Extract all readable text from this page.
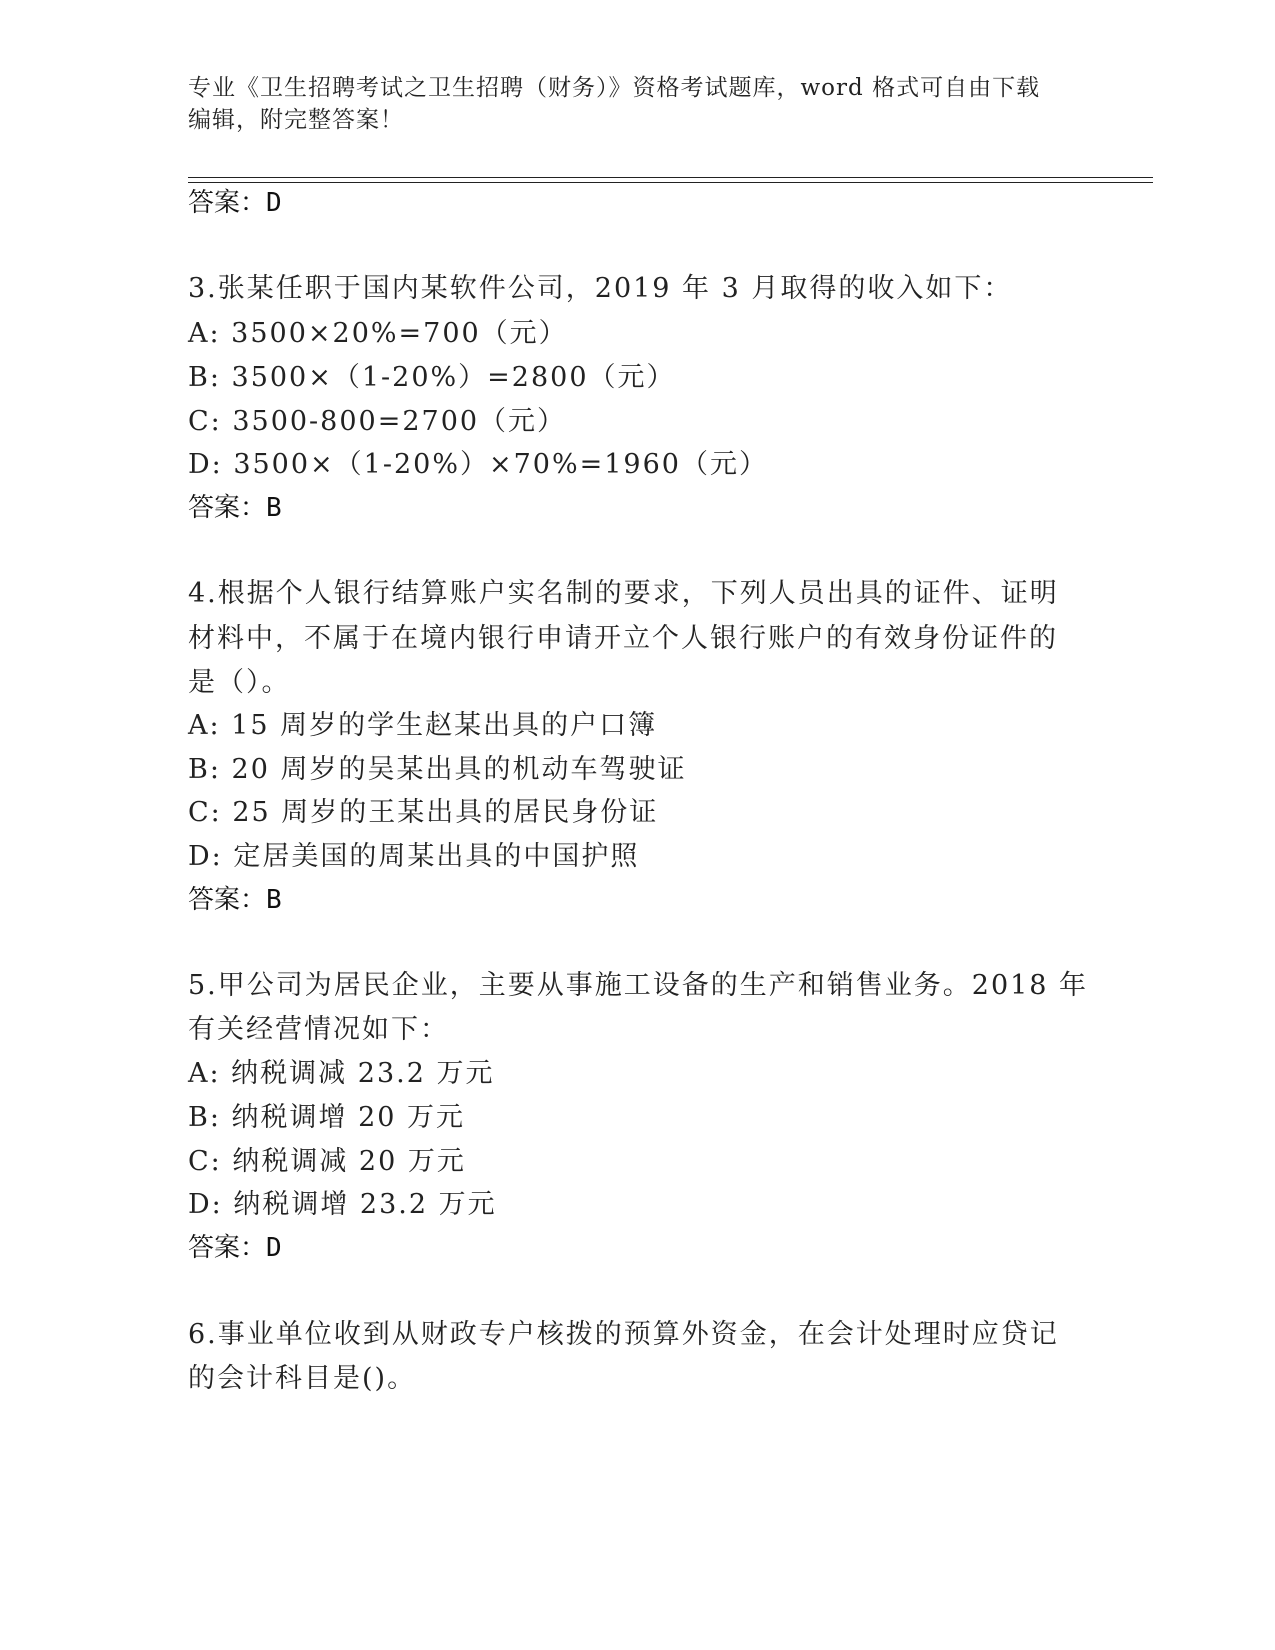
专业《卫生招聘考试之卫生招聘（财务）》资格考试题库，word 格式可自由下载
编辑，附完整答案！
答案：D
3.张某任职于国内某软件公司，2019 年 3 月取得的收入如下：
A: 3500×20%=700（元）
B: 3500×（1-20%）=2800（元）
C: 3500-800=2700（元）
D: 3500×（1-20%）×70%=1960（元）
答案：B
4.根据个人银行结算账户实名制的要求，下列人员出具的证件、证明
材料中，不属于在境内银行申请开立个人银行账户的有效身份证件的
是（）。
A: 15 周岁的学生赵某出具的户口簿
B: 20 周岁的吴某出具的机动车驾驶证
C: 25 周岁的王某出具的居民身份证
D: 定居美国的周某出具的中国护照
答案：B
5.甲公司为居民企业，主要从事施工设备的生产和销售业务。2018 年
有关经营情况如下：
A: 纳税调减 23.2 万元
B: 纳税调增 20 万元
C: 纳税调减 20 万元
D: 纳税调增 23.2 万元
答案：D
6.事业单位收到从财政专户核拨的预算外资金，在会计处理时应贷记
的会计科目是()。
